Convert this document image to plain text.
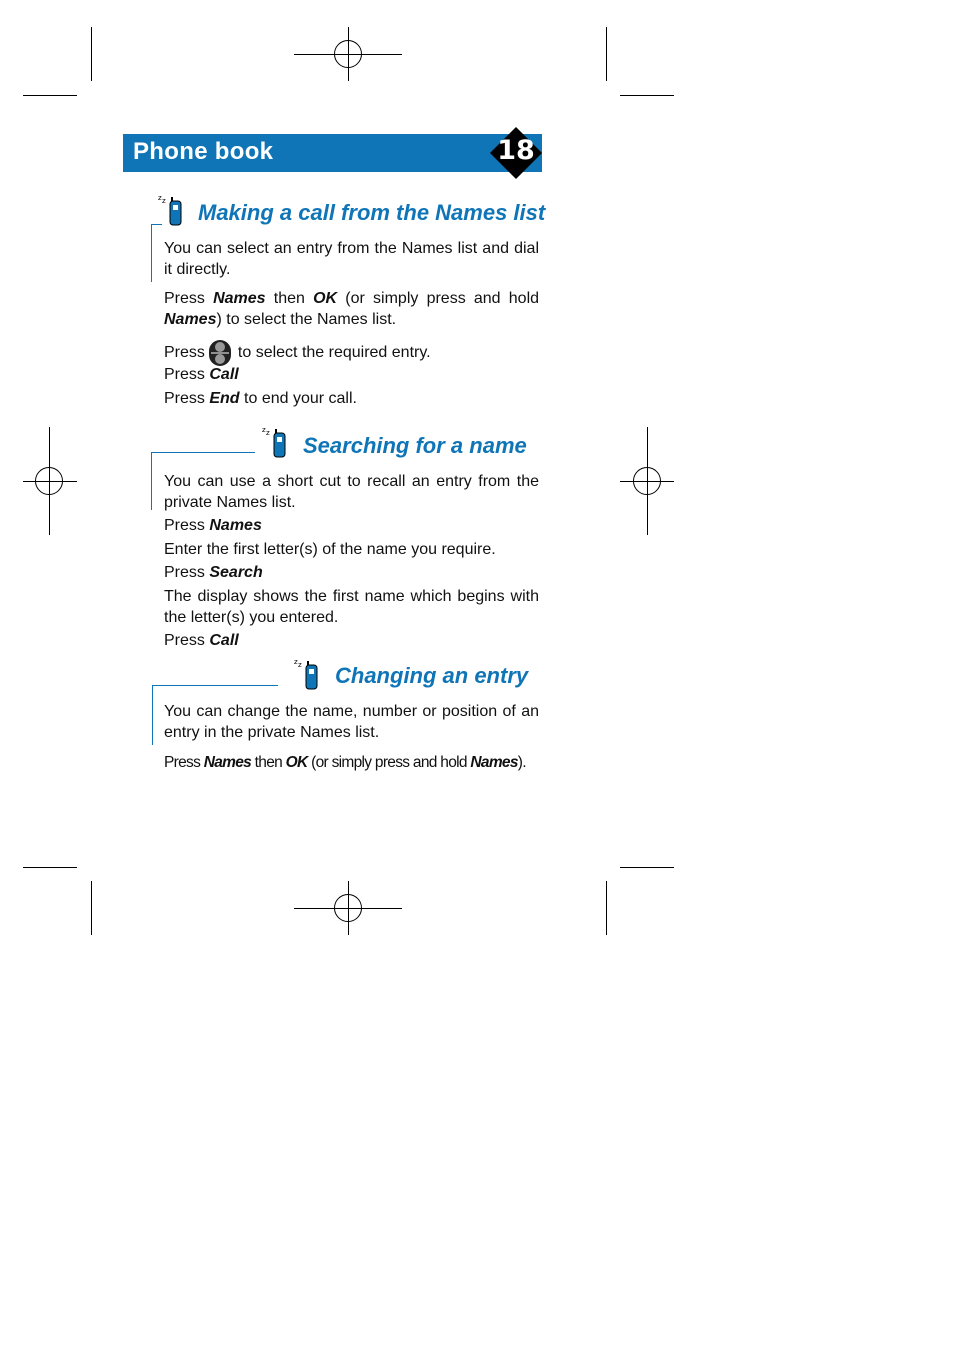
Phone book	18
z z Making a call from the Names list
You can select an entry from the Names list and dial it directly.
Press Names then OK (or simply press and hold Names) to select the Names list.
Press to select the required entry.
Press Call
Press End to end your call.
z z Searching for a name
You can use a short cut to recall an entry from the private Names list.
Press Names
Enter the first letter(s) of the name you require.
Press Search
The display shows the first name which begins with the letter(s) you entered.
Press Call
z z Changing an entry
You can change the name, number or position of an entry in the private Names list.
Press Names then OK (or simply press and hold Names).
